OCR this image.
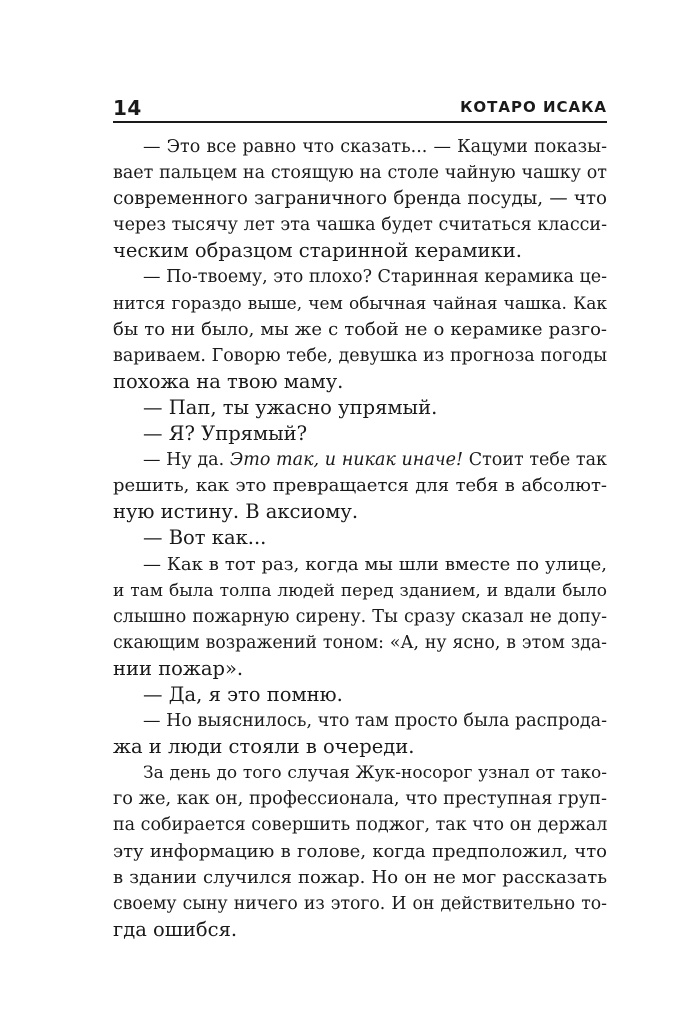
14	КОТАРО ИСАКА
— Это все равно что сказать... — Кацуми показы-
вает пальцем на стоящую на столе чайную чашку от
современного заграничного бренда посуды, — что
через тысячу лет эта чашка будет считаться класси-
ческим образцом старинной керамики.
— По-твоему, это плохо? Старинная керамика це-
нится гораздо выше, чем обычная чайная чашка. Как
бы то ни было, мы же с тобой не о керамике разго-
вариваем. Говорю тебе, девушка из прогноза погоды
похожа на твою маму.
— Пап, ты ужасно упрямый.
— Я? Упрямый?
— Ну да. Это так, и никак иначе! Стоит тебе так
решить, как это превращается для тебя в абсолют-
ную истину. В аксиому.
— Вот как...
— Как в тот раз, когда мы шли вместе по улице,
и там была толпа людей перед зданием, и вдали было
слышно пожарную сирену. Ты сразу сказал не допу-
скающим возражений тоном: «А, ну ясно, в этом зда-
нии пожар».
— Да, я это помню.
— Но выяснилось, что там просто была распрода-
жа и люди стояли в очереди.
За день до того случая Жук-носорог узнал от тако-
го же, как он, профессионала, что преступная груп-
па собирается совершить поджог, так что он держал
эту информацию в голове, когда предположил, что
в здании случился пожар. Но он не мог рассказать
своему сыну ничего из этого. И он действительно то-
гда ошибся.
